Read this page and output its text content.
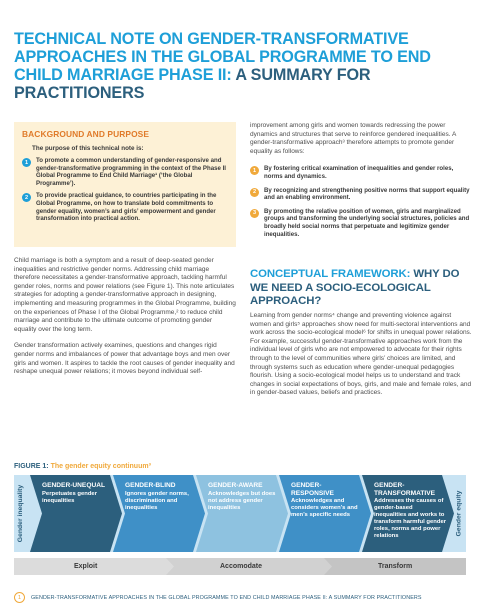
TECHNICAL NOTE ON GENDER-TRANSFORMATIVE APPROACHES IN THE GLOBAL PROGRAMME TO END CHILD MARRIAGE PHASE II: A SUMMARY FOR PRACTITIONERS
BACKGROUND AND PURPOSE
The purpose of this technical note is:
1	To promote a common understanding of gender-responsive and gender-transformative programming in the context of the Phase II Global Programme to End Child Marriage¹ (‘the Global Programme’).
2	To provide practical guidance, to countries participating in the Global Programme, on how to translate bold commitments to gender equality, women’s and girls’ empowerment and gender transformation into practical action.

Child marriage is both a symptom and a result of deep-seated gender inequalities and restrictive gender norms. Addressing child marriage therefore necessitates a gender-transformative approach, tackling harmful gender roles, norms and power relations (see Figure 1). This note articulates strategies for adopting a gender-transformative approach in designing, implementing and measuring programmes in the Global Programme, building on the experiences of Phase I of the Global Programme,² to reduce child marriage and contribute to the ultimate outcome of promoting gender equality over the long term.

Gender transformation actively examines, questions and changes rigid gender norms and imbalances of power that advantage boys and men over girls and women. It aspires to tackle the root causes of gender inequality and reshape unequal power relations; it moves beyond individual self-

improvement among girls and women towards redressing the power dynamics and structures that serve to reinforce gendered inequalities. A gender-transformative approach³ therefore attempts to promote gender equality as follows:

1	By fostering critical examination of inequalities and gender roles, norms and dynamics.
2	By recognizing and strengthening positive norms that support equality and an enabling environment.
3	By promoting the relative position of women, girls and marginalized groups and transforming the underlying social structures, policies and broadly held social norms that perpetuate and legitimize gender inequalities.
CONCEPTUAL FRAMEWORK: WHY DO WE NEED A SOCIO-ECOLOGICAL APPROACH?

Learning from gender norms⁴ change and preventing violence against women and girls⁵ approaches show need for multi-sectoral interventions and work across the socio-ecological model⁶ for shifts in unequal power relations. For example, successful gender-transformative approaches work from the individual level of girls who are not empowered to advocate for their rights through to the level of communities where girls’ choices are limited, and through systems such as education where gender-unequal pedagogies flourish. Using a socio-ecological model helps us to understand and track changes in social expectations of boys, girls, and male and female roles, and in gender-based values, beliefs and practices.

FIGURE 1: The gender equity continuum³
Gender inequality	Gender equity
GENDER-UNEQUAL
Perpetuates gender inequalities
GENDER-BLIND
Ignores gender norms, discrimination and inequalities
GENDER-AWARE
Acknowledges but does not address gender inequalities
GENDER-RESPONSIVE
Acknowledges and considers women’s and men’s specific needs
GENDER-TRANSFORMATIVE
Addresses the causes of gender-based inequalities and works to transform harmful gender roles, norms and power relations
Exploit	Accomodate	Transform
1	GENDER-TRANSFORMATIVE APPROACHES IN THE GLOBAL PROGRAMME TO END CHILD MARRIAGE PHASE II: A SUMMARY FOR PRACTITIONERS
